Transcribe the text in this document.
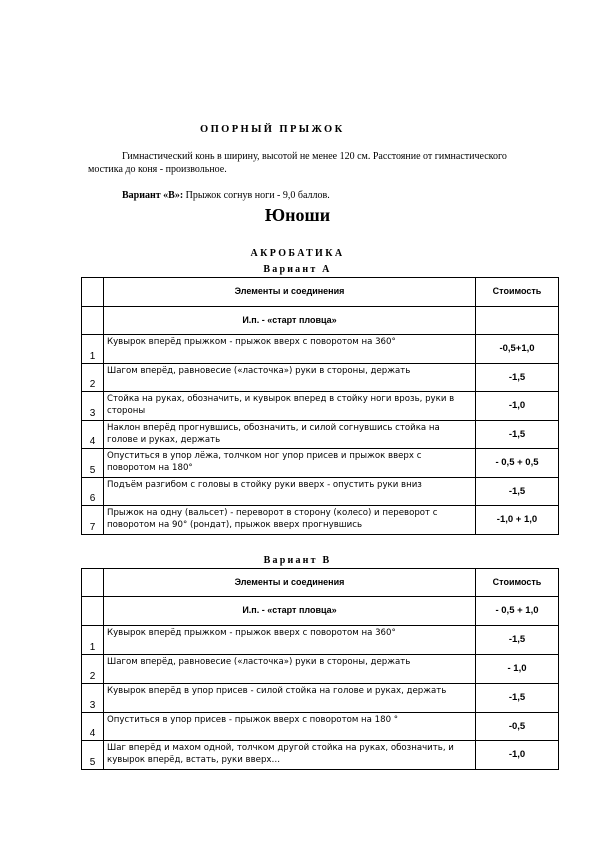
ОПОРНЫЙ ПРЫЖОК
Гимнастический конь в ширину, высотой не менее 120 см. Расстояние от гимнастического мостика до коня - произвольное.
Вариант «В»: Прыжок согнув ноги - 9,0 баллов.
Юноши
АКРОБАТИКА
Вариант А
	Элементы и соединения	Стоимость
	И.п. - «старт пловца»	
1	Кувырок вперёд прыжком - прыжок вверх с поворотом на 360°	-0,5+1,0
2	Шагом вперёд, равновесие («ласточка») руки в стороны, держать	-1,5
3	Стойка на руках, обозначить, и кувырок вперед в стойку ноги врозь, руки в стороны	-1,0
4	Наклон вперёд прогнувшись, обозначить, и силой согнувшись стойка на голове и руках, держать	-1,5
5	Опуститься в упор лёжа, толчком ног упор присев и прыжок вверх с поворотом на 180°	- 0,5 + 0,5
6	Подъём разгибом с головы в стойку руки вверх - опустить руки вниз	-1,5
7	Прыжок на одну (вальсет) - переворот в сторону (колесо) и переворот с поворотом на 90° (рондат), прыжок вверх прогнувшись	-1,0 + 1,0
Вариант В
	Элементы и соединения	Стоимость
	И.п. - «старт пловца»	- 0,5 + 1,0
1	Кувырок вперёд прыжком - прыжок вверх с поворотом на 360°	-1,5
2	Шагом вперёд, равновесие («ласточка») руки в стороны, держать	- 1,0
3	Кувырок вперёд в упор присев - силой стойка на голове и руках, держать	-1,5
4	Опуститься в упор присев - прыжок вверх с поворотом на 180 °	-0,5
5	Шаг вперёд и махом одной, толчком другой стойка на руках, обозначить, и кувырок вперёд, встать, руки вверх…	-1,0
